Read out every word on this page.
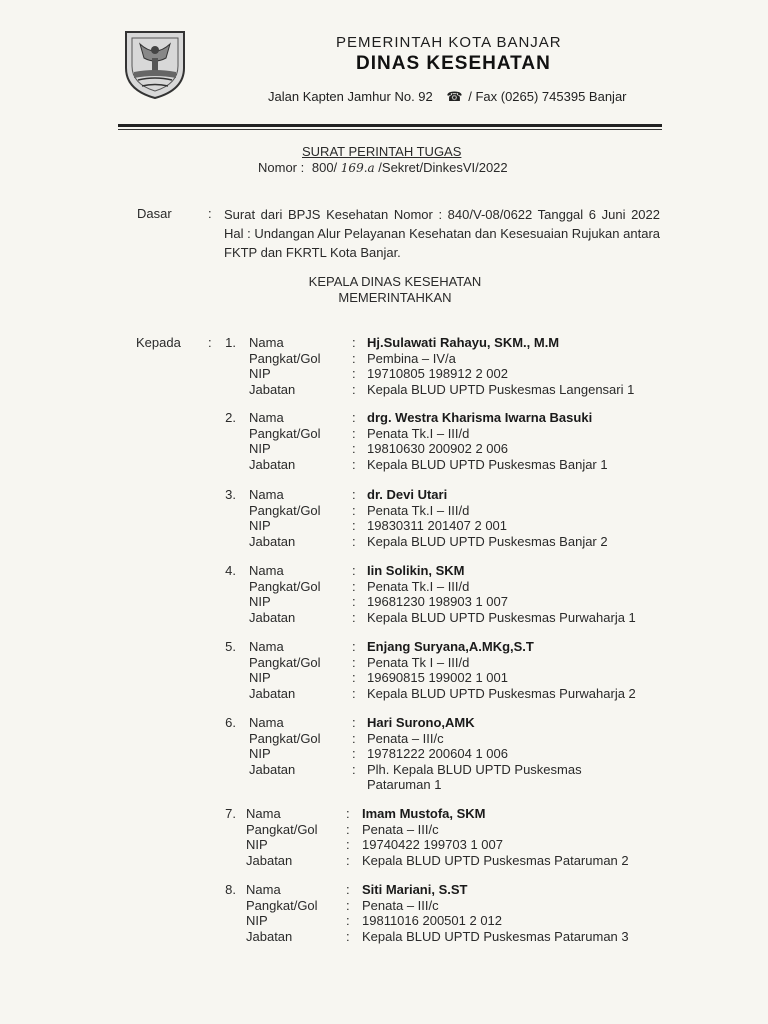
PEMERINTAH KOTA BANJAR
DINAS KESEHATAN
Jalan Kapten Jamhur No. 92 ☎ / Fax (0265) 745395 Banjar
SURAT PERINTAH TUGAS
Nomor : 800/ 169.a /Sekret/DinkesVI/2022
Dasar	: Surat dari BPJS Kesehatan Nomor : 840/V-08/0622 Tanggal 6 Juni 2022 Hal : Undangan Alur Pelayanan Kesehatan dan Kesesuaian Rujukan antara FKTP dan FKRTL Kota Banjar.
KEPALA DINAS KESEHATAN
MEMERINTAHKAN
Kepada :	1. Nama	: Hj.Sulawati Rahayu, SKM., M.M
Pangkat/Gol : Pembina – IV/a
NIP	: 19710805 198912 2 002
Jabatan	: Kepala BLUD UPTD Puskesmas Langensari 1
2. Nama	: drg. Westra Kharisma Iwarna Basuki
Pangkat/Gol : Penata Tk.I – III/d
NIP	: 19810630 200902 2 006
Jabatan	: Kepala BLUD UPTD Puskesmas Banjar 1
3. Nama	: dr. Devi Utari
Pangkat/Gol : Penata Tk.I – III/d
NIP	: 19830311 201407 2 001
Jabatan	: Kepala BLUD UPTD Puskesmas Banjar 2
4. Nama	: Iin Solikin, SKM
Pangkat/Gol : Penata Tk.I – III/d
NIP	: 19681230 198903 1 007
Jabatan	: Kepala BLUD UPTD Puskesmas Purwaharja 1
5. Nama	: Enjang Suryana,A.MKg,S.T
Pangkat/Gol : Penata Tk I – III/d
NIP	: 19690815 199002 1 001
Jabatan	: Kepala BLUD UPTD Puskesmas Purwaharja 2
6. Nama	: Hari Surono,AMK
Pangkat/Gol : Penata – III/c
NIP	: 19781222 200604 1 006
Jabatan	: Plh. Kepala BLUD UPTD Puskesmas
Pataruman 1
7. Nama	: Imam Mustofa, SKM
Pangkat/Gol : Penata – III/c
NIP	: 19740422 199703 1 007
Jabatan	: Kepala BLUD UPTD Puskesmas Pataruman 2
8. Nama	: Siti Mariani, S.ST
Pangkat/Gol : Penata – III/c
NIP	: 19811016 200501 2 012
Jabatan	: Kepala BLUD UPTD Puskesmas Pataruman 3
